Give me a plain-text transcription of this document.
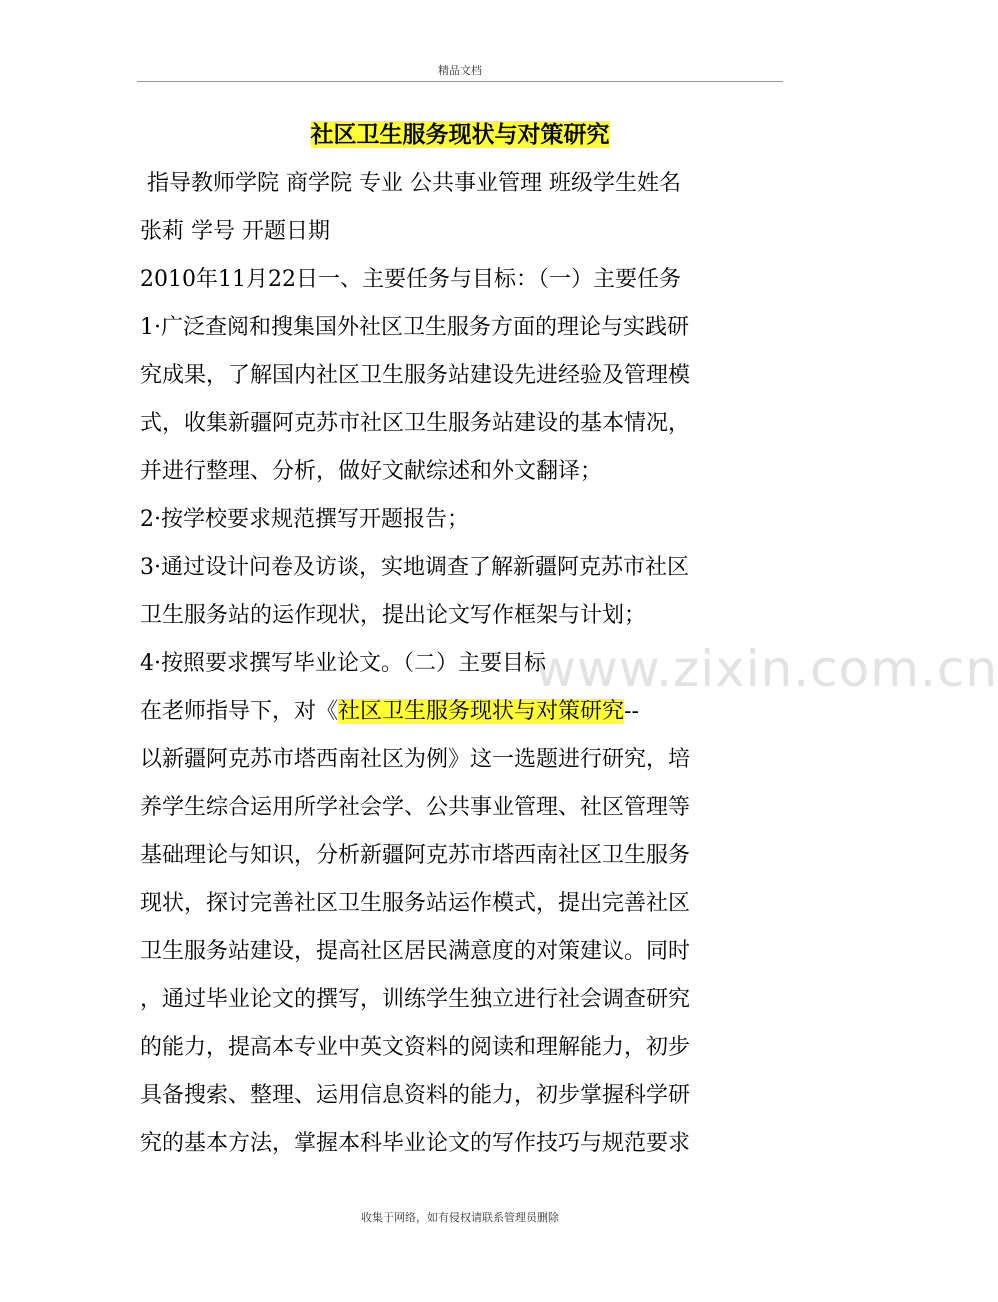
精品文档
社区卫生服务现状与对策研究
www.zixin.com.cn
指导教师学院 商学院 专业 公共事业管理 班级学生姓名
张莉 学号 开题日期
2010年11月22日一、主要任务与目标：（一）主要任务
1·广泛查阅和搜集国外社区卫生服务方面的理论与实践研
究成果，了解国内社区卫生服务站建设先进经验及管理模
式，收集新疆阿克苏市社区卫生服务站建设的基本情况，
并进行整理、分析，做好文献综述和外文翻译；
2·按学校要求规范撰写开题报告；
3·通过设计问卷及访谈，实地调查了解新疆阿克苏市社区
卫生服务站的运作现状，提出论文写作框架与计划；
4·按照要求撰写毕业论文。（二）主要目标
在老师指导下，对《社区卫生服务现状与对策研究--
以新疆阿克苏市塔西南社区为例》这一选题进行研究，培
养学生综合运用所学社会学、公共事业管理、社区管理等
基础理论与知识，分析新疆阿克苏市塔西南社区卫生服务
现状，探讨完善社区卫生服务站运作模式，提出完善社区
卫生服务站建设，提高社区居民满意度的对策建议。同时
，通过毕业论文的撰写，训练学生独立进行社会调查研究
的能力，提高本专业中英文资料的阅读和理解能力，初步
具备搜索、整理、运用信息资料的能力，初步掌握科学研
究的基本方法，掌握本科毕业论文的写作技巧与规范要求
收集于网络，如有侵权请联系管理员删除
